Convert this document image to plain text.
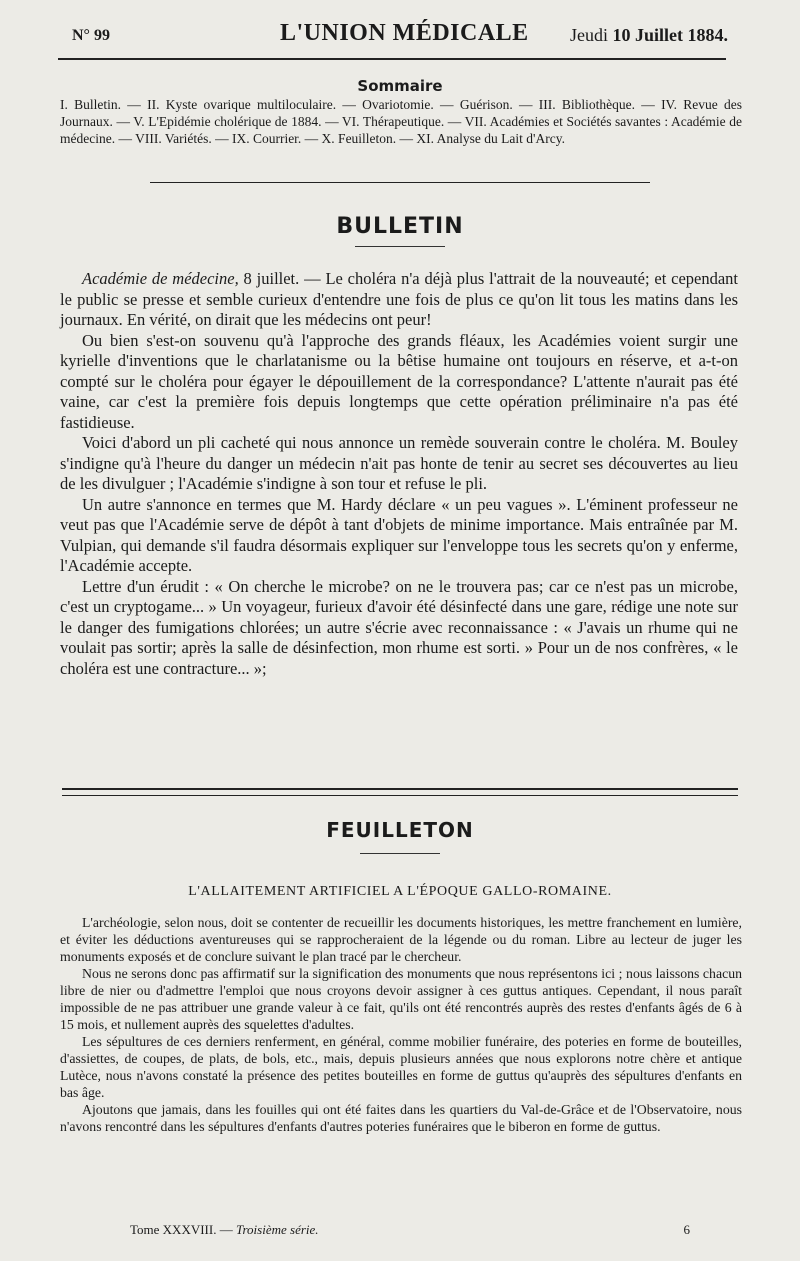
N° 99	L'UNION MÉDICALE Jeudi 10 Juillet 1884.
Sommaire
I. Bulletin. — II. Kyste ovarique multiloculaire. — Ovariotomie. — Guérison. — III. Bibliothèque. — IV. Revue des Journaux. — V. L'Epidémie cholérique de 1884. — VI. Thérapeutique. — VII. Académies et Sociétés savantes : Académie de médecine. — VIII. Variétés. — IX. Courrier. — X. Feuilleton. — XI. Analyse du Lait d'Arcy.
BULLETIN

Académie de médecine, 8 juillet. — Le choléra n'a déjà plus l'attrait de la nouveauté; et cependant le public se presse et semble curieux d'entendre une fois de plus ce qu'on lit tous les matins dans les journaux. En vérité, on dirait que les médecins ont peur!

Ou bien s'est-on souvenu qu'à l'approche des grands fléaux, les Académies voient surgir une kyrielle d'inventions que le charlatanisme ou la bêtise humaine ont toujours en réserve, et a-t-on compté sur le choléra pour égayer le dépouillement de la correspondance? L'attente n'aurait pas été vaine, car c'est la première fois depuis longtemps que cette opération préliminaire n'a pas été fastidieuse.

Voici d'abord un pli cacheté qui nous annonce un remède souverain contre le choléra. M. Bouley s'indigne qu'à l'heure du danger un médecin n'ait pas honte de tenir au secret ses découvertes au lieu de les divulguer ; l'Académie s'indigne à son tour et refuse le pli.

Un autre s'annonce en termes que M. Hardy déclare « un peu vagues ». L'éminent professeur ne veut pas que l'Académie serve de dépôt à tant d'objets de minime importance. Mais entraînée par M. Vulpian, qui demande s'il faudra désormais expliquer sur l'enveloppe tous les secrets qu'on y enferme, l'Académie accepte.

Lettre d'un érudit : « On cherche le microbe? on ne le trouvera pas; car ce n'est pas un microbe, c'est un cryptogame... » Un voyageur, furieux d'avoir été désinfecté dans une gare, rédige une note sur le danger des fumigations chlorées; un autre s'écrie avec reconnaissance : « J'avais un rhume qui ne voulait pas sortir; après la salle de désinfection, mon rhume est sorti. » Pour un de nos confrères, « le choléra est une contracture... »;

FEUILLETON
L'ALLAITEMENT ARTIFICIEL A L'ÉPOQUE GALLO-ROMAINE.

L'archéologie, selon nous, doit se contenter de recueillir les documents historiques, les mettre franchement en lumière, et éviter les déductions aventureuses qui se rapprocheraient de la légende ou du roman. Libre au lecteur de juger les monuments exposés et de conclure suivant le plan tracé par le chercheur.

Nous ne serons donc pas affirmatif sur la signification des monuments que nous représentons ici ; nous laissons chacun libre de nier ou d'admettre l'emploi que nous croyons devoir assigner à ces guttus antiques. Cependant, il nous paraît impossible de ne pas attribuer une grande valeur à ce fait, qu'ils ont été rencontrés auprès des restes d'enfants âgés de 6 à 15 mois, et nullement auprès des squelettes d'adultes.

Les sépultures de ces derniers renferment, en général, comme mobilier funéraire, des poteries en forme de bouteilles, d'assiettes, de coupes, de plats, de bols, etc., mais, depuis plusieurs années que nous explorons notre chère et antique Lutèce, nous n'avons constaté la présence des petites bouteilles en forme de guttus qu'auprès des sépultures d'enfants en bas âge.

Ajoutons que jamais, dans les fouilles qui ont été faites dans les quartiers du Val-de-Grâce et de l'Observatoire, nous n'avons rencontré dans les sépultures d'enfants d'autres poteries funéraires que le biberon en forme de guttus.

Tome XXXVIII. — Troisième série.	6
